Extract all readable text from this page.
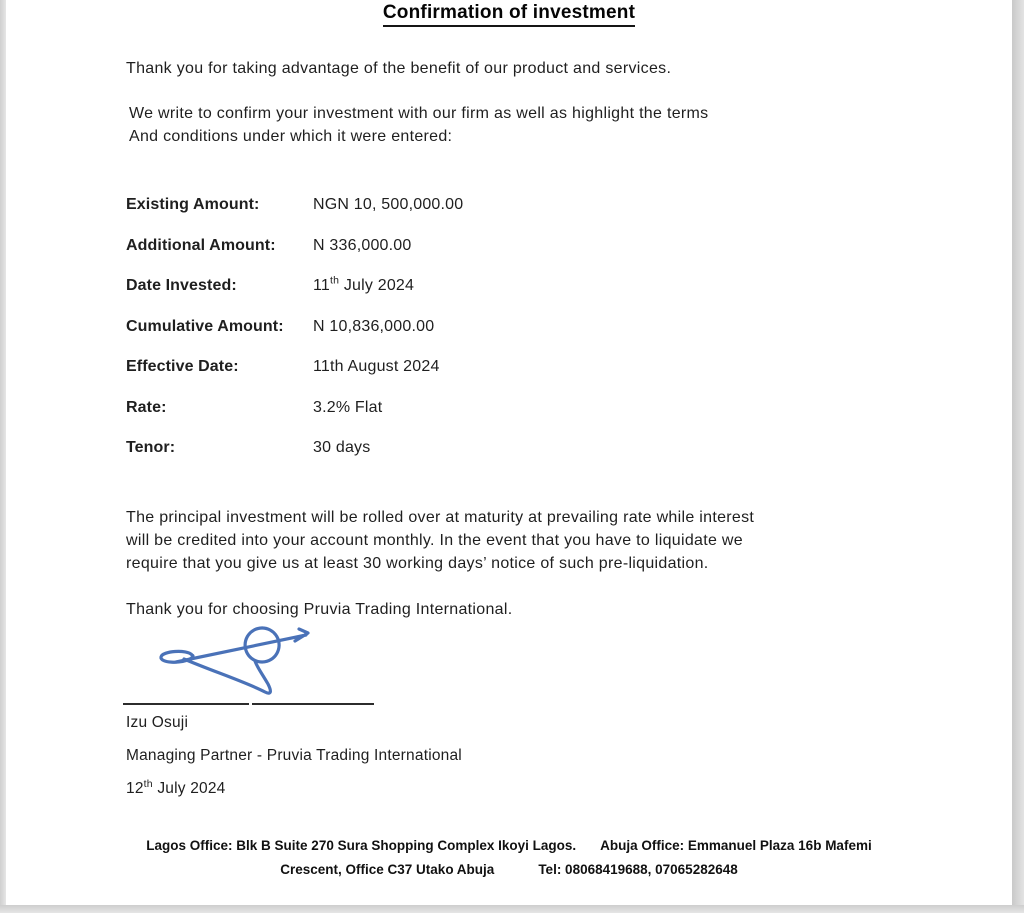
Confirmation of investment
Thank you for taking advantage of the benefit of our product and services.
We write to confirm your investment with our firm as well as highlight the terms
And conditions under which it were entered:
Existing Amount:	NGN 10, 500,000.00
Additional Amount:	N 336,000.00
Date Invested:	11th July 2024
Cumulative Amount:	N 10,836,000.00
Effective Date:	11th August 2024
Rate:	3.2% Flat
Tenor:	30 days
The principal investment will be rolled over at maturity at prevailing rate while interest
will be credited into your account monthly. In the event that you have to liquidate we
require that you give us at least 30 working days’ notice of such pre-liquidation.
Thank you for choosing Pruvia Trading International.
Izu Osuji
Managing Partner - Pruvia Trading International
12th July 2024
Lagos Office: Blk B Suite 270 Sura Shopping Complex Ikoyi Lagos. Abuja Office: Emmanuel Plaza 16b Mafemi
Crescent, Office C37 Utako Abuja	Tel: 08068419688, 07065282648
